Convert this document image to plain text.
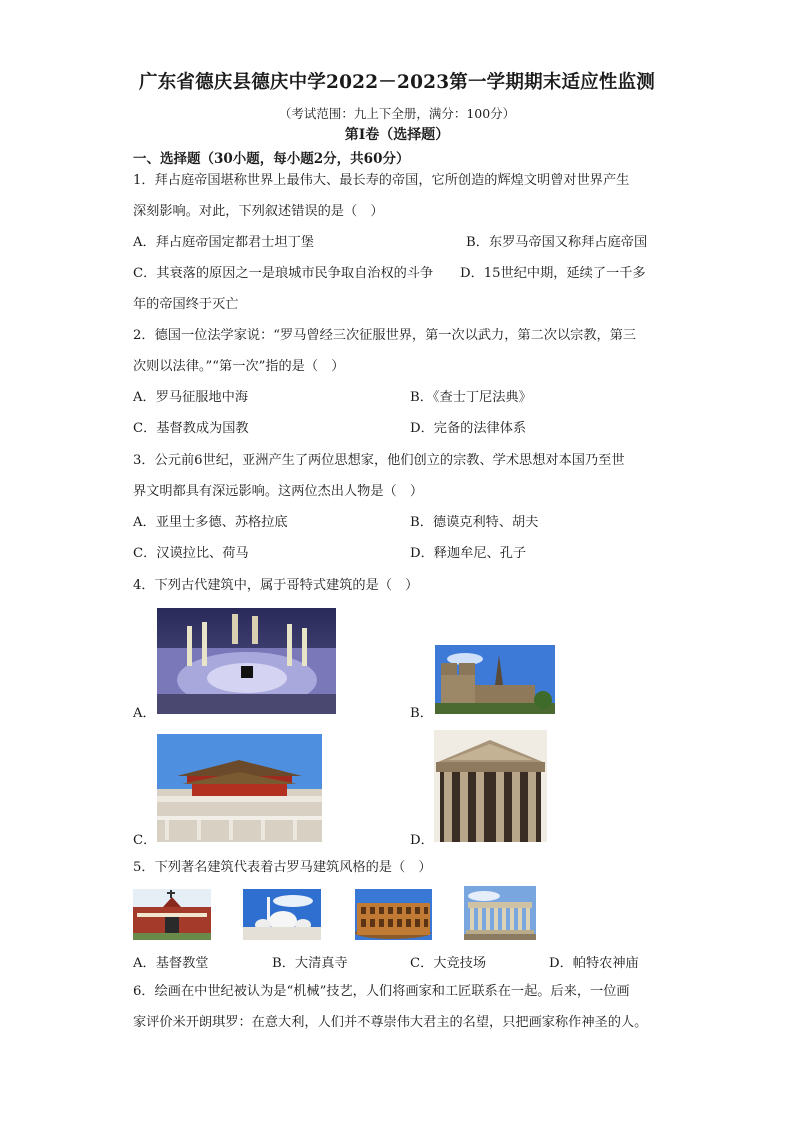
广东省德庆县德庆中学2022－2023第一学期期末适应性监测
（考试范围：九上下全册，满分：100分）
第I卷（选择题）
一、选择题（30小题，每小题2分，共60分）
1．拜占庭帝国堪称世界上最伟大、最长寿的帝国，它所创造的辉煌文明曾对世界产生
深刻影响。对此，下列叙述错误的是（　）
A．拜占庭帝国定都君士坦丁堡	B．东罗马帝国又称拜占庭帝国
C．其衰落的原因之一是琅城市民争取自治权的斗争 D．15世纪中期，延续了一千多
年的帝国终于灭亡
2．德国一位法学家说：“罗马曾经三次征服世界，第一次以武力，第二次以宗教，第三
次则以法律。”“第一次”指的是（　）
A．罗马征服地中海	B．《查士丁尼法典》
C．基督教成为国教	D．完备的法律体系
3．公元前6世纪，亚洲产生了两位思想家，他们创立的宗教、学术思想对本国乃至世
界文明都具有深远影响。这两位杰出人物是（　）
A．亚里士多德、苏格拉底	B．德谟克利特、胡夫
C．汉谟拉比、荷马	D．释迦牟尼、孔子
4．下列古代建筑中，属于哥特式建筑的是（　）
A．	B．
C．	D．
5．下列著名建筑代表着古罗马建筑风格的是（　）
A．基督教堂	B．大清真寺	C．大竞技场	D．帕特农神庙
6．绘画在中世纪被认为是“机械”技艺，人们将画家和工匠联系在一起。后来，一位画
家评价米开朗琪罗：在意大利，人们并不尊崇伟大君主的名望，只把画家称作神圣的人。
